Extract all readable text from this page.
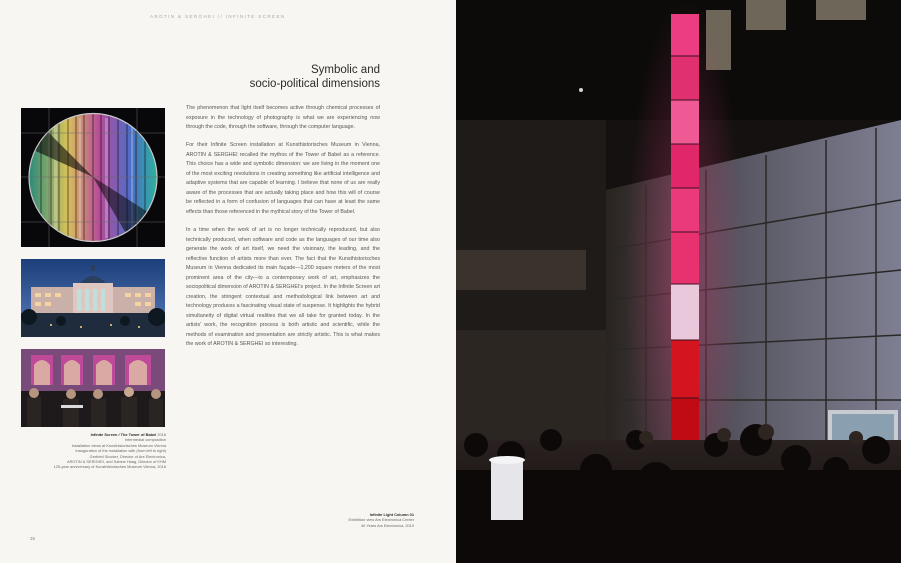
AROTIN & SERGHEI // INFINITE SCREEN
Symbolic and
socio-political dimensions

The phenomenon that light itself becomes active through chemical processes of exposure in the technology of photography is what we are experiencing now through the code, through the software, through the computer language.

For their Infinite Screen installation at Kunsthistorisches Museum in Vienna, AROTIN & SERGHEI recalled the mythos of the Tower of Babel as a reference. This choice has a wide and symbolic dimension: we are living in the moment one of the most exciting revolutions in creating something like artificial intelligence and adaptive systems that are capable of learning. I believe that none of us are really aware of the processes that are actually taking place and how this will of course be reflected in a form of confusion of languages that can have at least the same effects than those referenced in the mythical story of the Tower of Babel.

In a time when the work of art is no longer technically reproduced, but also technically produced, when software and code as the languages of our time also generate the work of art itself, we need the visionary, the leading, and the reflective function of artists more than ever. The fact that the Kunsthistorisches Museum in Vienna dedicated its main façade—1,200 square meters of the most prominent area of the city—to a contemporary work of art, emphasizes the sociopolitical dimension of AROTIN & SERGHEI's project. In the Infinite Screen art creation, the stringent contextual and methodological link between art and technology produces a fascinating visual state of suspense. It highlights the hybrid simultaneity of digital virtual realities that we all take for granted today. In the artists' work, the recognition process is both artistic and scientific, while the methods of examination and presentation are strictly artistic. This is what makes the work of AROTIN & SERGHEI so interesting.

Infinite Screen / The Tower of Babel 2016
Intermedial composition
Installation views at Kunsthistorisches Museum Vienna
Inauguration of the installation with (from left to right)
Gerfried Stocker, Director of Ars Electronica,
AROTIN & SERGHEI, and Sabine Haag, Director of KHM
125-year anniversary of Kunsthistorisches Museum Vienna, 2016
Infinite Light Column 01
Exhibition view Ars Electronica Center
40 Years Ars Electronica, 2019
36
